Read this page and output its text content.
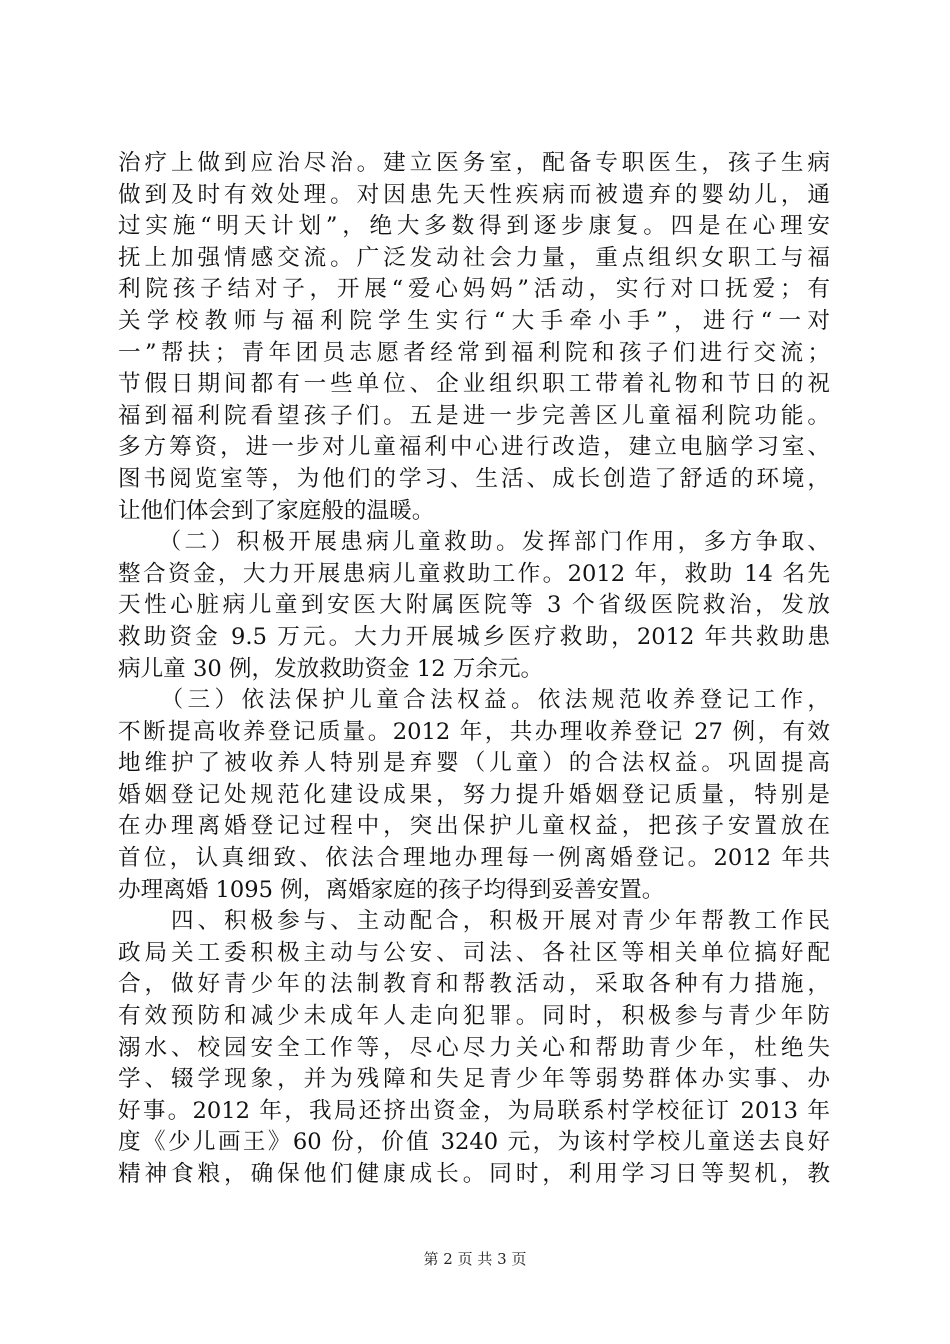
治疗上做到应治尽治。建立医务室，配备专职医生，孩子生病
做到及时有效处理。对因患先天性疾病而被遗弃的婴幼儿，通
过实施“明天计划”，绝大多数得到逐步康复。四是在心理安
抚上加强情感交流。广泛发动社会力量，重点组织女职工与福
利院孩子结对子，开展“爱心妈妈”活动，实行对口抚爱；有
关学校教师与福利院学生实行“大手牵小手”，进行“一对
一”帮扶；青年团员志愿者经常到福利院和孩子们进行交流；
节假日期间都有一些单位、企业组织职工带着礼物和节日的祝
福到福利院看望孩子们。五是进一步完善区儿童福利院功能。
多方筹资，进一步对儿童福利中心进行改造，建立电脑学习室、
图书阅览室等，为他们的学习、生活、成长创造了舒适的环境，
让他们体会到了家庭般的温暖。
　　（二）积极开展患病儿童救助。发挥部门作用，多方争取、
整合资金，大力开展患病儿童救助工作。2012 年，救助 14 名先
天性心脏病儿童到安医大附属医院等 3 个省级医院救治，发放
救助资金 9.5 万元。大力开展城乡医疗救助，2012 年共救助患
病儿童 30 例，发放救助资金 12 万余元。
　　（三）依法保护儿童合法权益。依法规范收养登记工作，
不断提高收养登记质量。2012 年，共办理收养登记 27 例，有效
地维护了被收养人特别是弃婴（儿童）的合法权益。巩固提高
婚姻登记处规范化建设成果，努力提升婚姻登记质量，特别是
在办理离婚登记过程中，突出保护儿童权益，把孩子安置放在
首位，认真细致、依法合理地办理每一例离婚登记。2012 年共
办理离婚 1095 例，离婚家庭的孩子均得到妥善安置。
　　四、积极参与、主动配合，积极开展对青少年帮教工作民
政局关工委积极主动与公安、司法、各社区等相关单位搞好配
合，做好青少年的法制教育和帮教活动，采取各种有力措施，
有效预防和减少未成年人走向犯罪。同时，积极参与青少年防
溺水、校园安全工作等，尽心尽力关心和帮助青少年，杜绝失
学、辍学现象，并为残障和失足青少年等弱势群体办实事、办
好事。2012 年，我局还挤出资金，为局联系村学校征订 2013 年
度《少儿画王》60 份，价值 3240 元，为该村学校儿童送去良好
精神食粮，确保他们健康成长。同时，利用学习日等契机，教
第 2 页 共 3 页
